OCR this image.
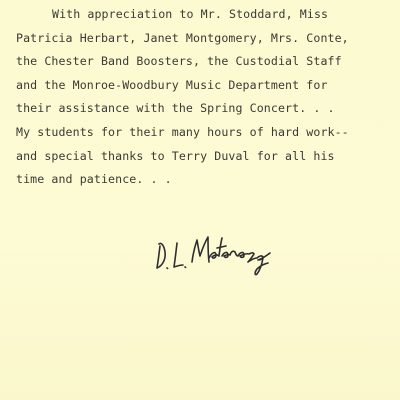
With appreciation to Mr. Stoddard, Miss
Patricia Herbart, Janet Montgomery, Mrs. Conte,
the Chester Band Boosters, the Custodial Staff
and the Monroe-Woodbury Music Department for
their assistance with the Spring Concert. . .
My students for their many hours of hard work--
and special thanks to Terry Duval for all his
time and patience. . .
